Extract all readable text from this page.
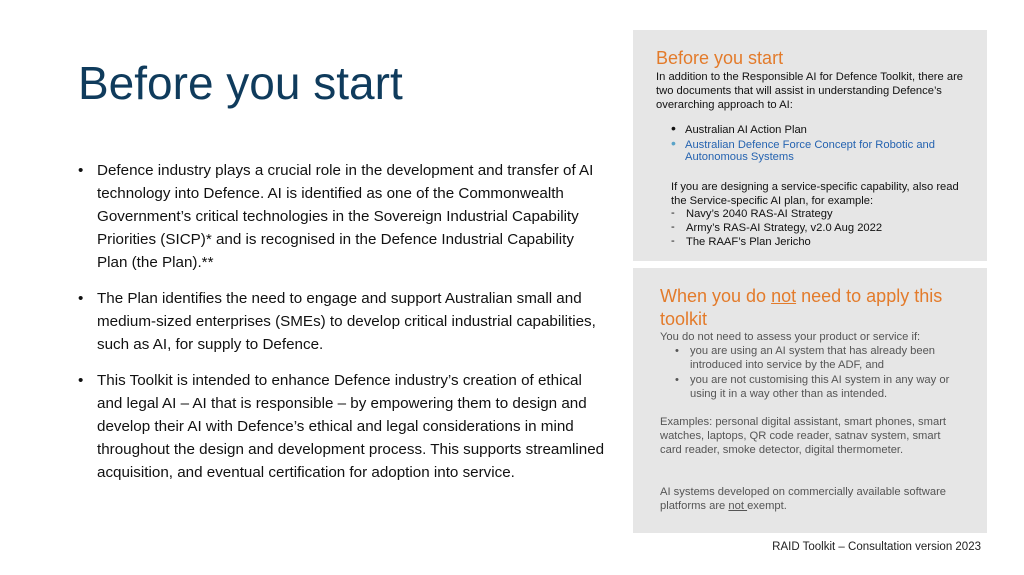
Before you start
• Defence industry plays a crucial role in the development and transfer of AI technology into Defence. AI is identified as one of the Commonwealth Government’s critical technologies in the Sovereign Industrial Capability Priorities (SICP)* and is recognised in the Defence Industrial Capability Plan (the Plan).**
• The Plan identifies the need to engage and support Australian small and medium-sized enterprises (SMEs) to develop critical industrial capabilities, such as AI, for supply to Defence.
• This Toolkit is intended to enhance Defence industry’s creation of ethical and legal AI – AI that is responsible – by empowering them to design and develop their AI with Defence’s ethical and legal considerations in mind throughout the design and development process. This supports streamlined acquisition, and eventual certification for adoption into service.
Before you start
In addition to the Responsible AI for Defence Toolkit, there are two documents that will assist in understanding Defence’s overarching approach to AI:
• Australian AI Action Plan
• Australian Defence Force Concept for Robotic and Autonomous Systems
If you are designing a service-specific capability, also read the Service-specific AI plan, for example:
- Navy’s 2040 RAS-AI Strategy
- Army’s RAS-AI Strategy, v2.0 Aug 2022
- The RAAF’s Plan Jericho
When you do not need to apply this toolkit
You do not need to assess your product or service if:
• you are using an AI system that has already been introduced into service by the ADF, and
• you are not customising this AI system in any way or using it in a way other than as intended.
Examples: personal digital assistant, smart phones, smart watches, laptops, QR code reader, satnav system, smart card reader, smoke detector, digital thermometer.
AI systems developed on commercially available software platforms are not exempt.
RAID Toolkit – Consultation version 2023
